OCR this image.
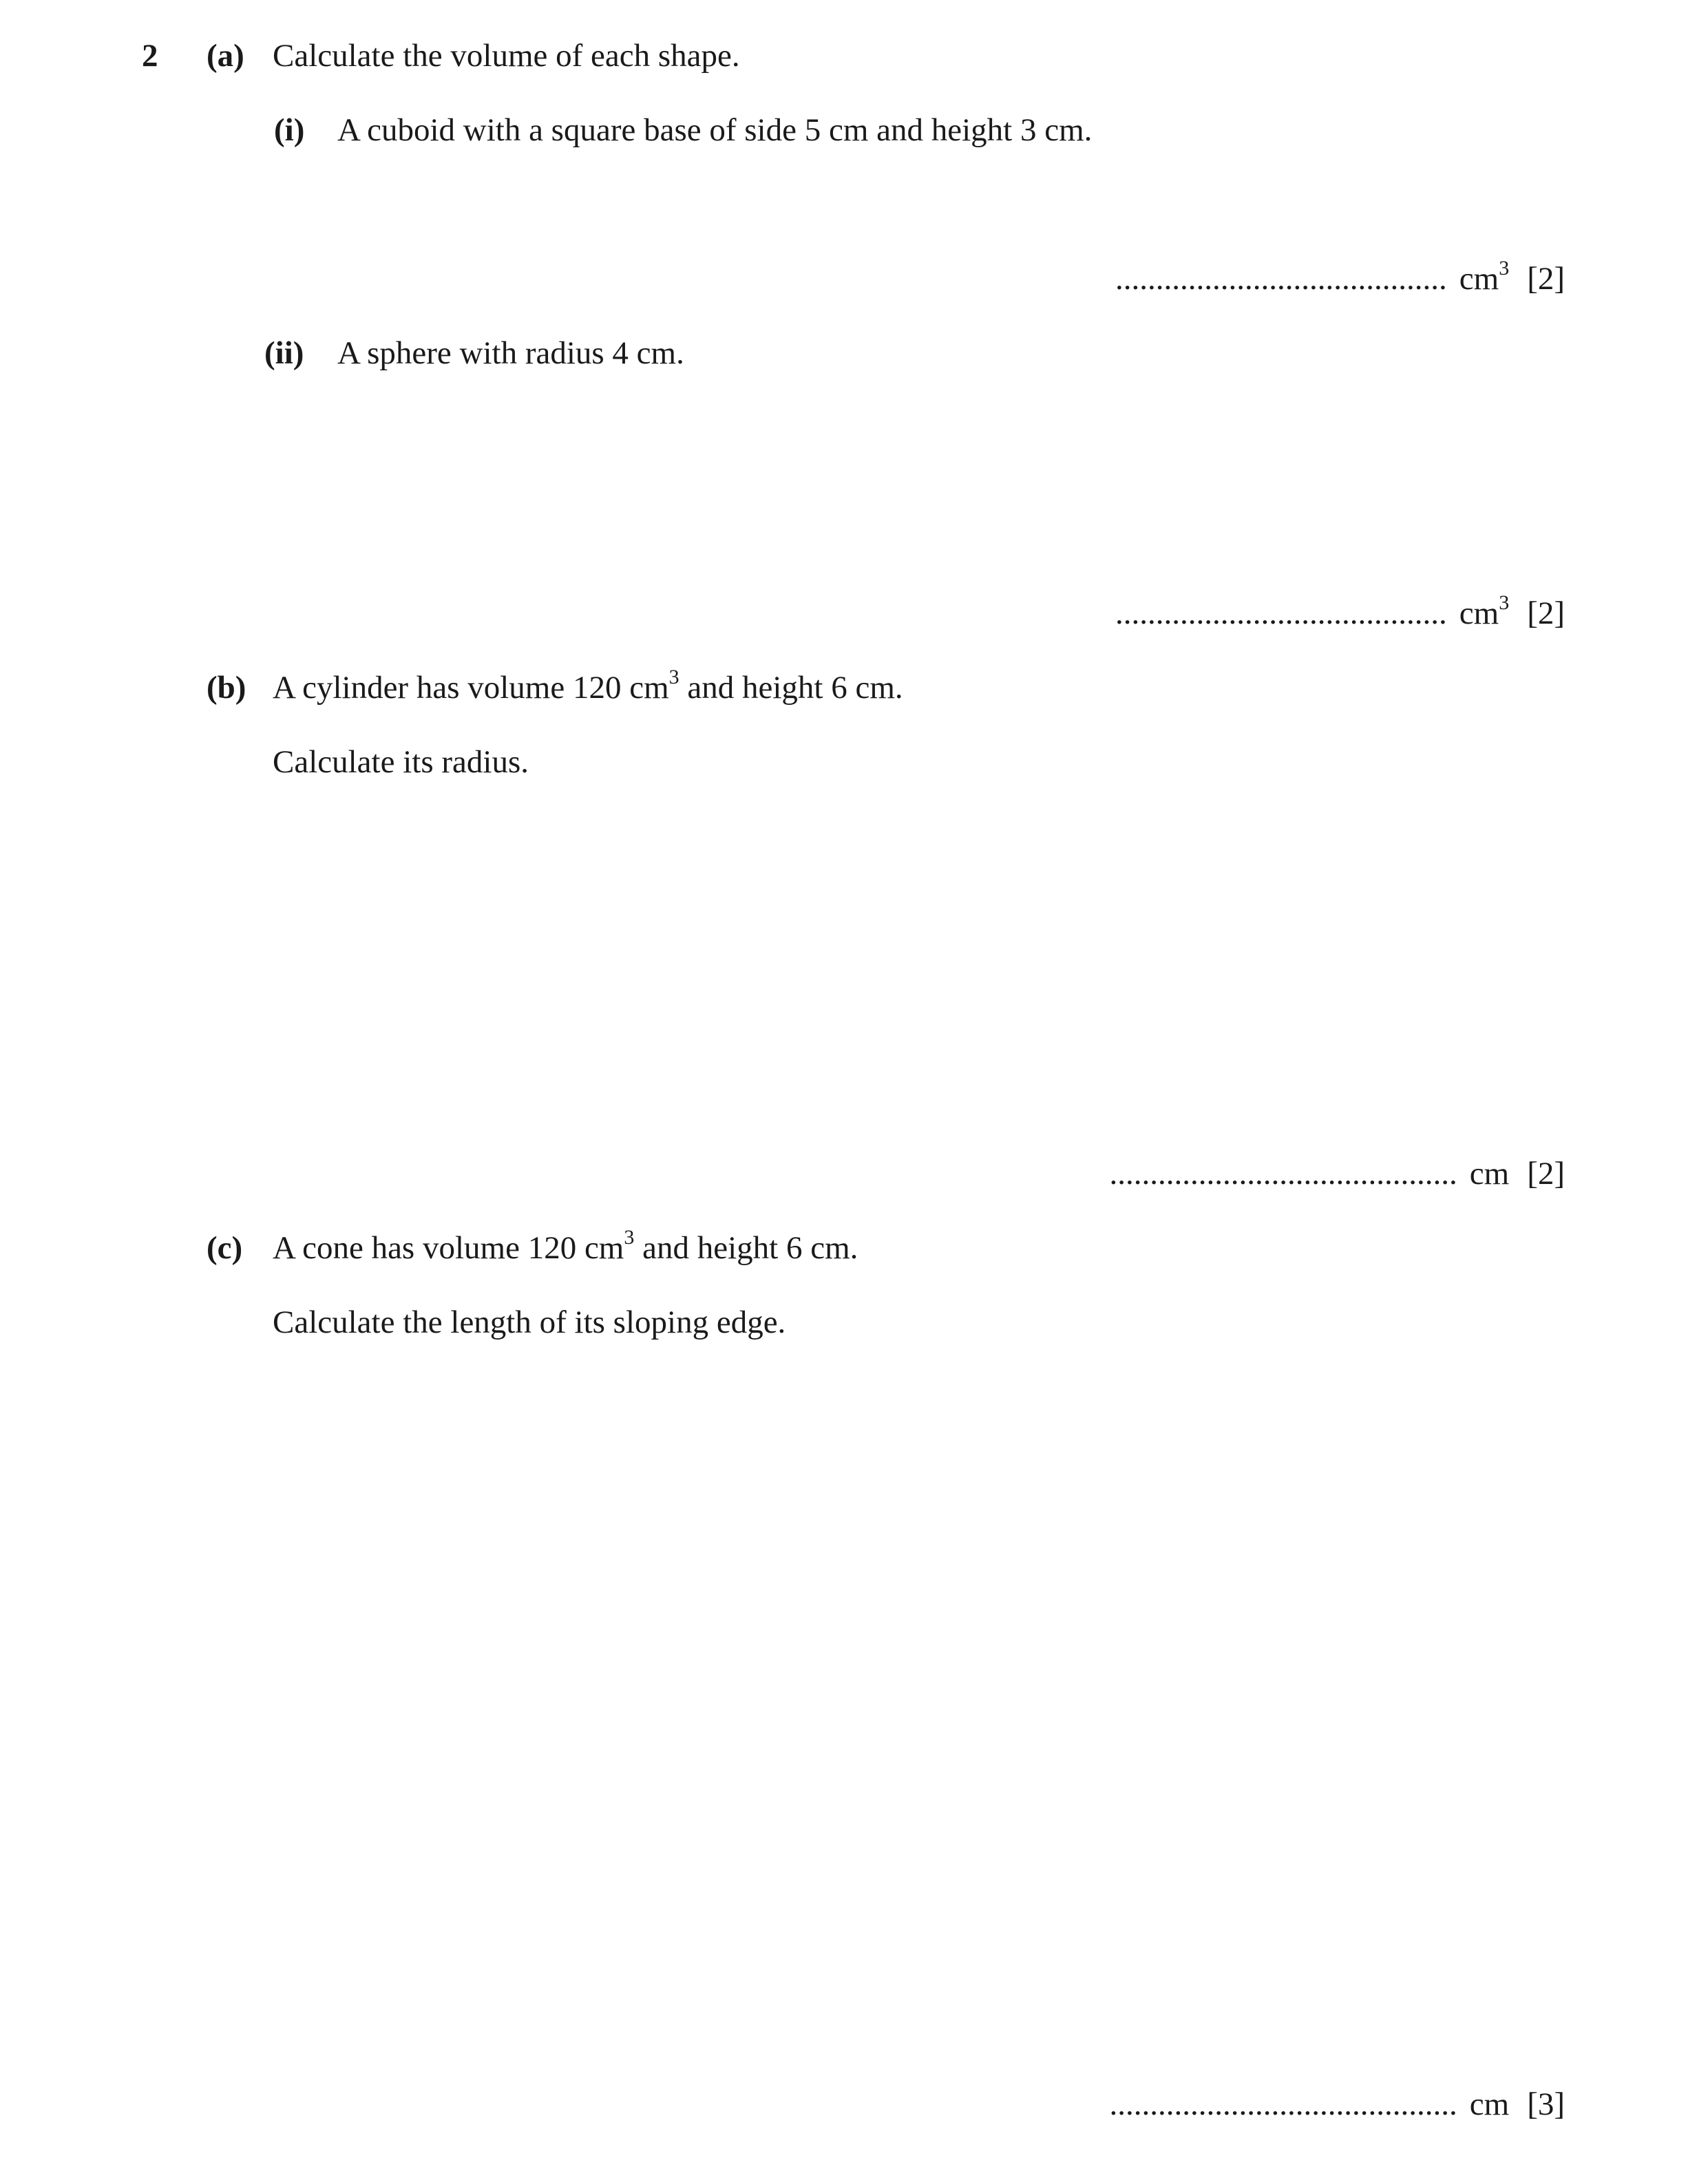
2 (a) Calculate the volume of each shape.
(i) A cuboid with a square base of side 5 cm and height 3 cm.
......................................... $cm^3$ [2]
(ii) A sphere with radius 4 cm.
......................................... $cm^3$ [2]
(b) A cylinder has volume 120 $cm^3$ and height 6 cm.
Calculate its radius.
........................................... cm [2]
(c) A cone has volume 120 $cm^3$ and height 6 cm.
Calculate the length of its sloping edge.
........................................... cm [3]
